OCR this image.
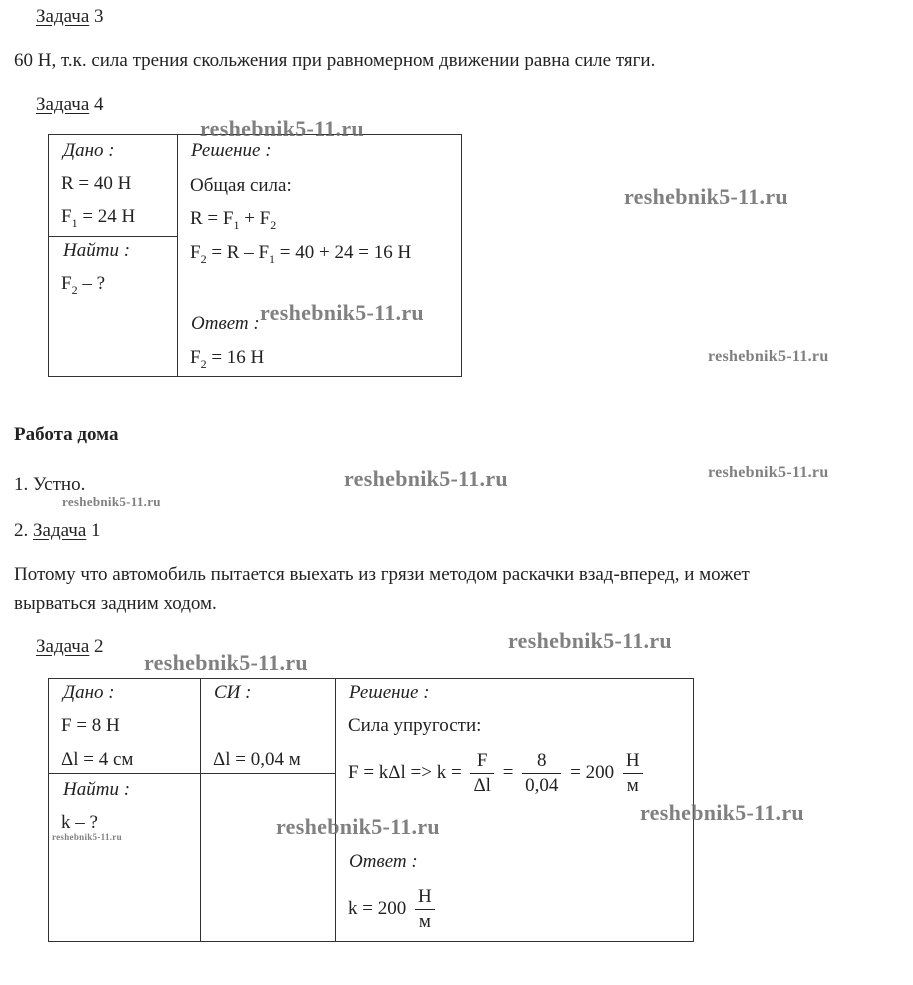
Задача 3
60 Н, т.к. сила трения скольжения при равномерном движении равна силе тяги.
Задача 4
Дано :
R = 40 Н
$F_1 = 24$ Н
Найти :
$F_2$ – ?
Решение :
Общая сила:
$R = F_1 + F_2$
$F_2 = R - F_1 = 40 + 24 = 16$ Н
Ответ :
$F_2 = 16$ Н
Работа дома
1. Устно.
2. Задача 1
Потому что автомобиль пытается выехать из грязи методом раскачки взад-вперед, и может
вырваться задним ходом.
Задача 2
Дано :
F = 8 Н
Δl = 4 см
Найти :
k – ?
СИ :
Δl = 0,04 м
Решение :
Сила упругости:
$F = k\Delta l => k = \frac{F}{\Delta l} = \frac{8}{0,04} = 200 \frac{Н}{м}$
Ответ :
$k = 200 \frac{Н}{м}$
reshebnik5-11.ru
reshebnik5-11.ru
reshebnik5-11.ru
reshebnik5-11.ru
reshebnik5-11.ru	reshebnik5-11.ru
reshebnik5-11.ru
reshebnik5-11.ru
reshebnik5-11.ru
reshebnik5-11.ru
reshebnik5-11.ru
reshebnik5-11.ru
